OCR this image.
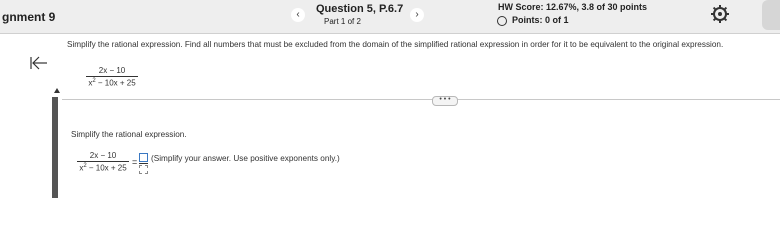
gnment 9	‹	Question 5, P.6.7
Part 1 of 2
›
HW Score: 12.67%, 3.8 of 30 points
Points: 0 of 1
Simplify the rational expression. Find all numbers that must be excluded from the domain of the simplified rational expression in order for it to be equivalent to the original expression.
2x − 10
$x^2 - 10x + 25$
• • •
Simplify the rational expression.
2x − 10
$x^2 - 10x + 25$
= (Simplify your answer. Use positive exponents only.)
